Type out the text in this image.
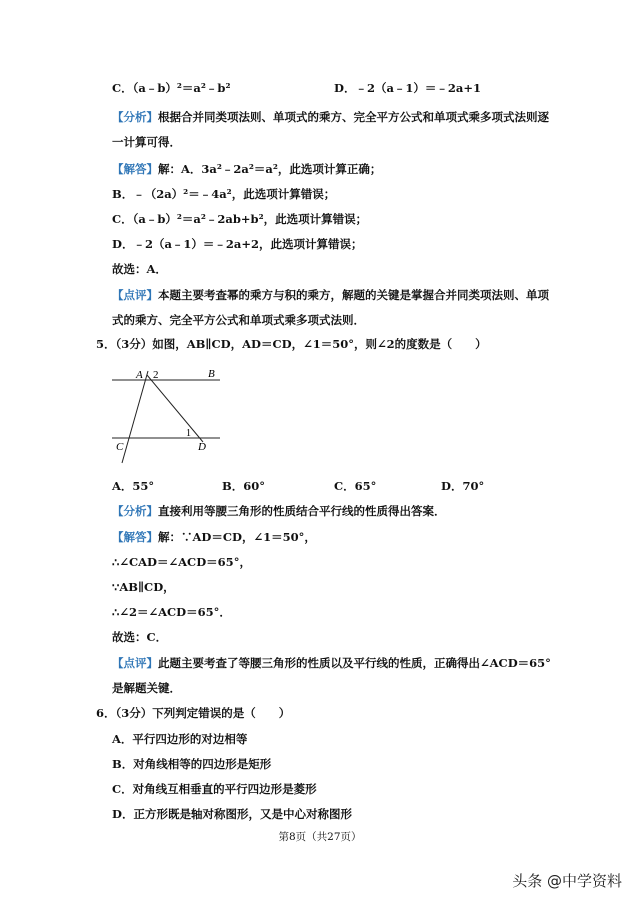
C．（a﹣b）²＝a²﹣b²	D．﹣2（a﹣1）＝﹣2a+1
【分析】根据合并同类项法则、单项式的乘方、完全平方公式和单项式乘多项式法则逐
一计算可得．
【解答】解：A．3a²﹣2a²＝a²，此选项计算正确；
B．﹣（2a）²＝﹣4a²，此选项计算错误；
C．（a﹣b）²＝a²﹣2ab+b²，此选项计算错误；
D．﹣2（a﹣1）＝﹣2a+2，此选项计算错误；
故选：A．
【点评】本题主要考查幂的乘方与积的乘方，解题的关键是掌握合并同类项法则、单项
式的乘方、完全平方公式和单项式乘多项式法则．
5．（3分）如图，AB∥CD，AD＝CD，∠1＝50°，则∠2的度数是（　　）
A 2	B
C
1
D
A．55°	B．60°	C．65°	D．70°
【分析】直接利用等腰三角形的性质结合平行线的性质得出答案．
【解答】解：∵AD＝CD，∠1＝50°，
∴∠CAD＝∠ACD＝65°，
∵AB∥CD，
∴∠2＝∠ACD＝65°．
故选：C．
【点评】此题主要考查了等腰三角形的性质以及平行线的性质，正确得出∠ACD＝65°
是解题关键．
6．（3分）下列判定错误的是（　　）
A．平行四边形的对边相等
B．对角线相等的四边形是矩形
C．对角线互相垂直的平行四边形是菱形
D．正方形既是轴对称图形，又是中心对称图形
第8页（共27页）
头条 @中学资料
